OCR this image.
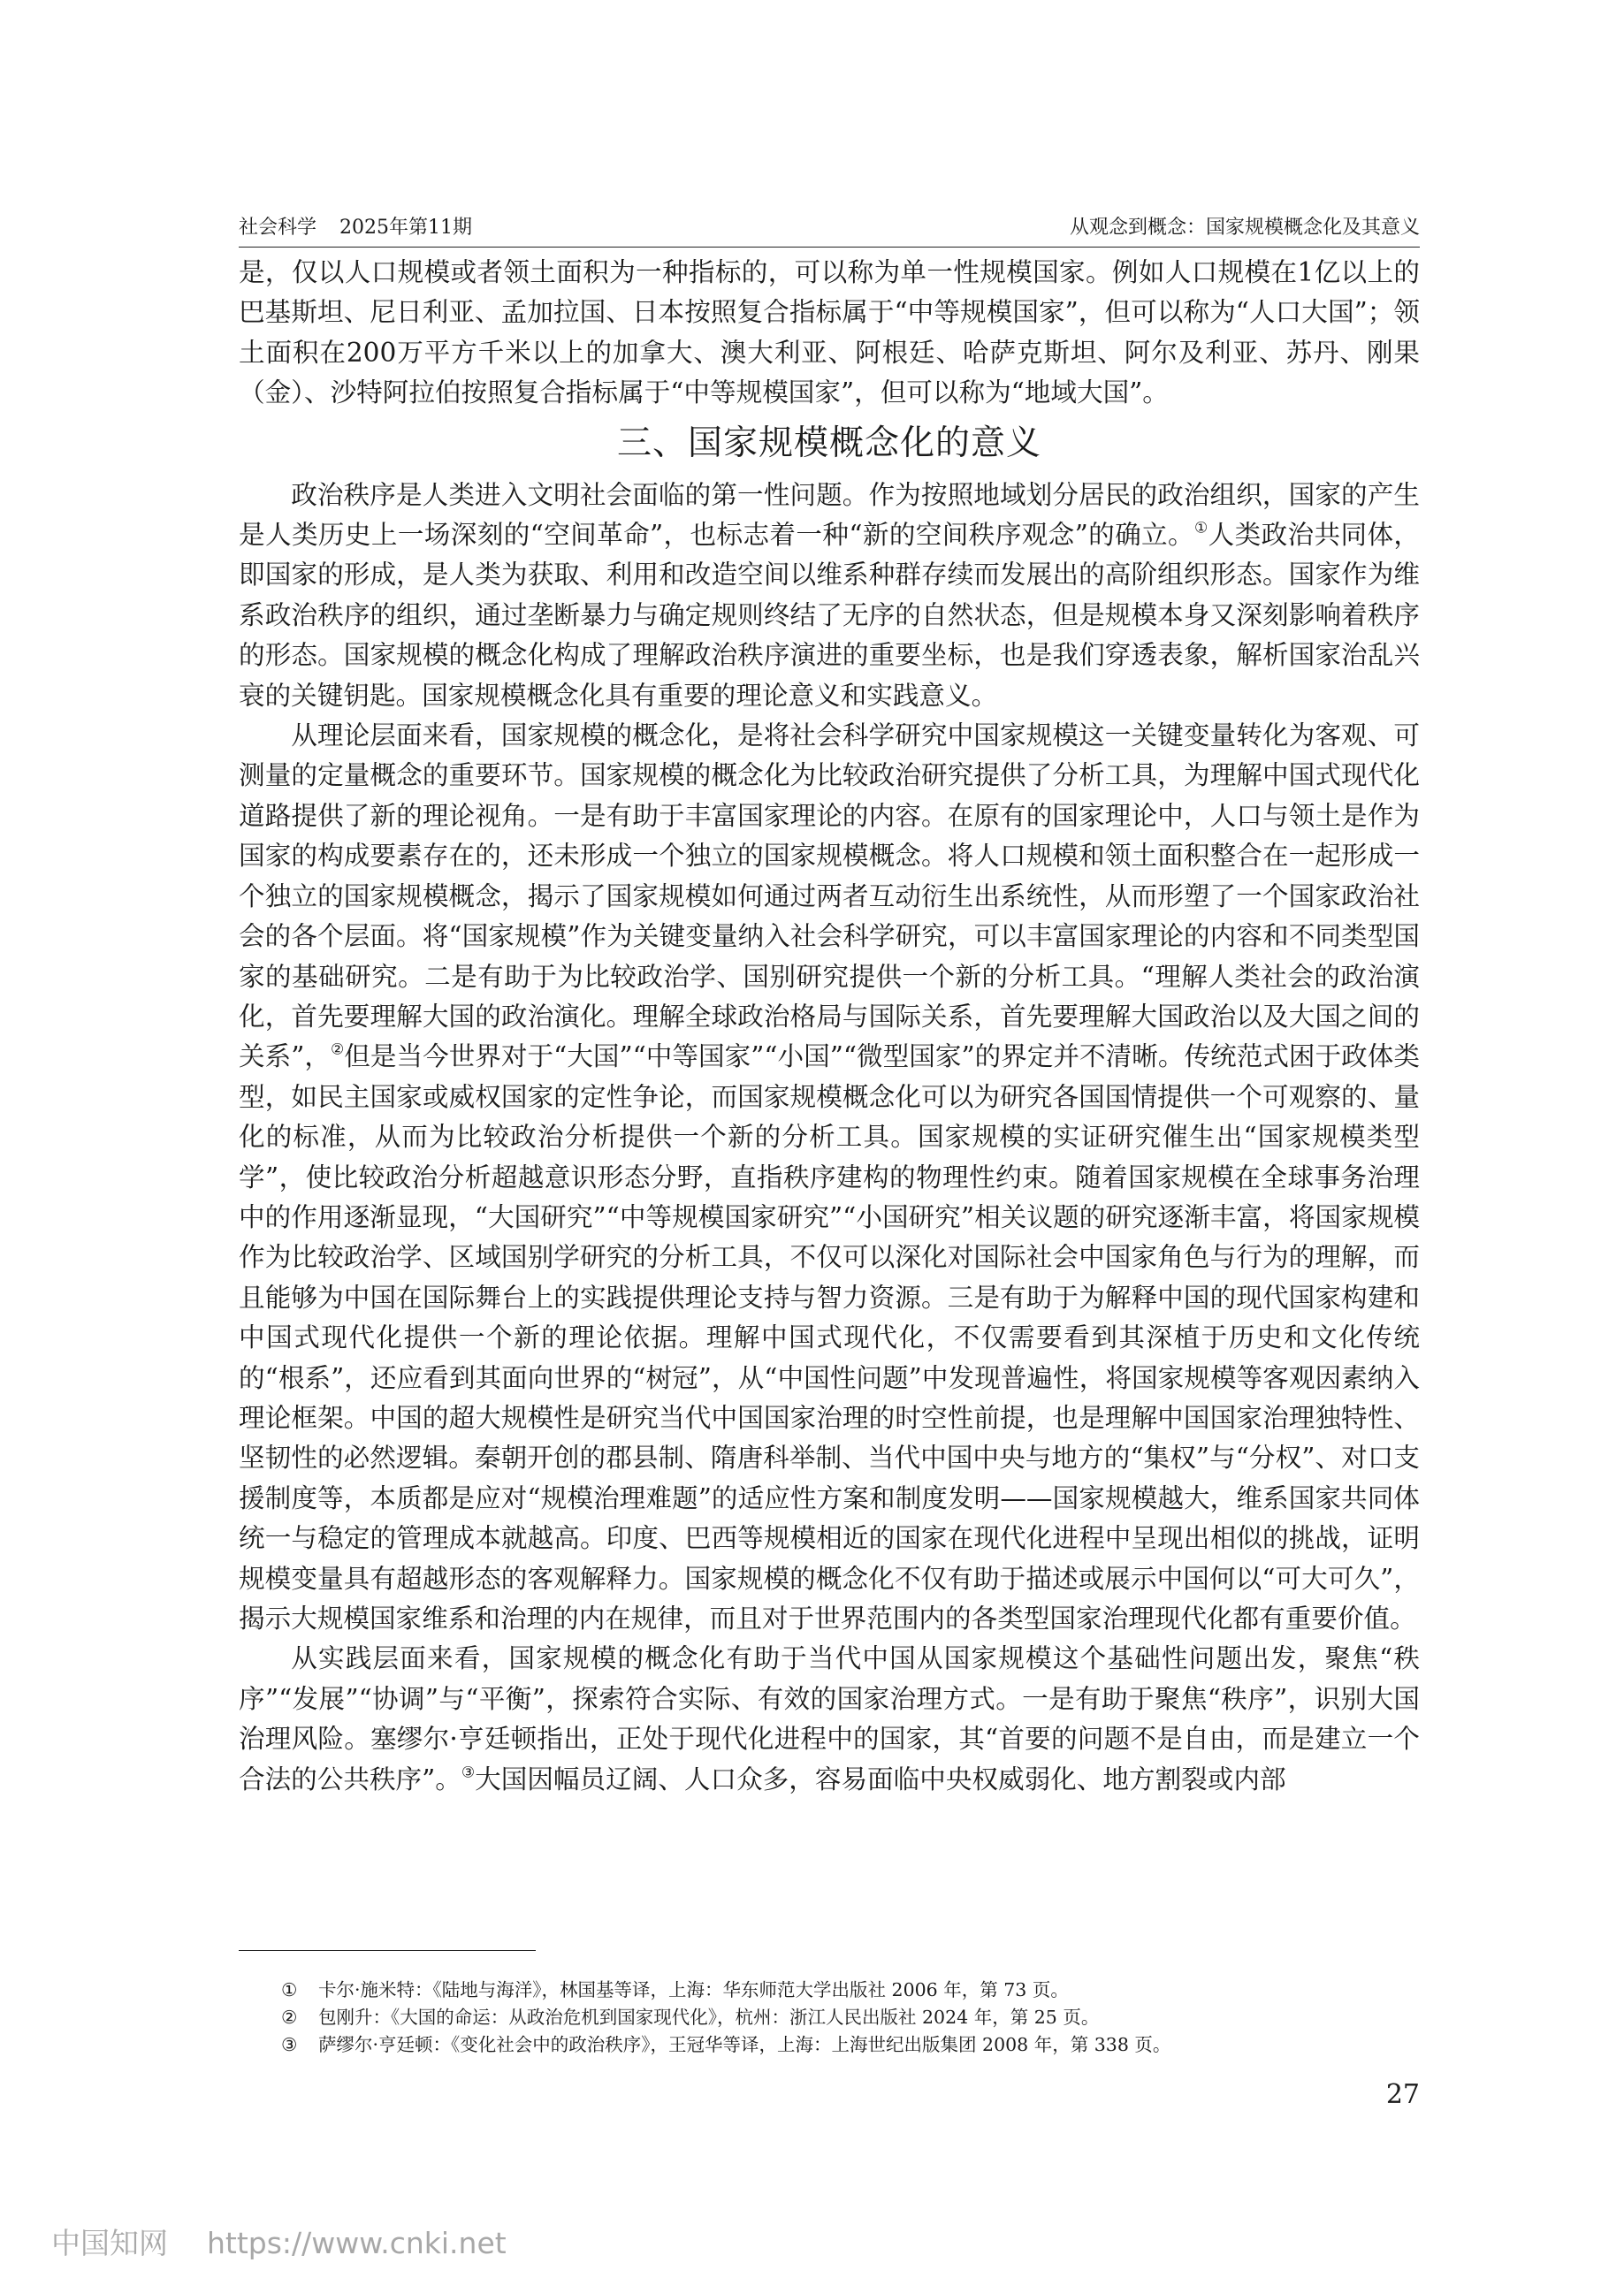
社会科学 2025年第11期	从观念到概念：国家规模概念化及其意义

是，仅以人口规模或者领土面积为一种指标的，可以称为单一性规模国家。例如人口规模在1亿以上的巴基斯坦、尼日利亚、孟加拉国、日本按照复合指标属于“中等规模国家”，但可以称为“人口大国”；领土面积在200万平方千米以上的加拿大、澳大利亚、阿根廷、哈萨克斯坦、阿尔及利亚、苏丹、刚果（金）、沙特阿拉伯按照复合指标属于“中等规模国家”，但可以称为“地域大国”。

三、国家规模概念化的意义

政治秩序是人类进入文明社会面临的第一性问题。作为按照地域划分居民的政治组织，国家的产生是人类历史上一场深刻的“空间革命”，也标志着一种“新的空间秩序观念”的确立。①人类政治共同体，即国家的形成，是人类为获取、利用和改造空间以维系种群存续而发展出的高阶组织形态。国家作为维系政治秩序的组织，通过垄断暴力与确定规则终结了无序的自然状态，但是规模本身又深刻影响着秩序的形态。国家规模的概念化构成了理解政治秩序演进的重要坐标，也是我们穿透表象，解析国家治乱兴衰的关键钥匙。国家规模概念化具有重要的理论意义和实践意义。

从理论层面来看，国家规模的概念化，是将社会科学研究中国家规模这一关键变量转化为客观、可测量的定量概念的重要环节。国家规模的概念化为比较政治研究提供了分析工具，为理解中国式现代化道路提供了新的理论视角。一是有助于丰富国家理论的内容。在原有的国家理论中，人口与领土是作为国家的构成要素存在的，还未形成一个独立的国家规模概念。将人口规模和领土面积整合在一起形成一个独立的国家规模概念，揭示了国家规模如何通过两者互动衍生出系统性，从而形塑了一个国家政治社会的各个层面。将“国家规模”作为关键变量纳入社会科学研究，可以丰富国家理论的内容和不同类型国家的基础研究。二是有助于为比较政治学、国别研究提供一个新的分析工具。“理解人类社会的政治演化，首先要理解大国的政治演化。理解全球政治格局与国际关系，首先要理解大国政治以及大国之间的关系”，②但是当今世界对于“大国”“中等国家”“小国”“微型国家”的界定并不清晰。传统范式困于政体类型，如民主国家或威权国家的定性争论，而国家规模概念化可以为研究各国国情提供一个可观察的、量化的标准，从而为比较政治分析提供一个新的分析工具。国家规模的实证研究催生出“国家规模类型学”，使比较政治分析超越意识形态分野，直指秩序建构的物理性约束。随着国家规模在全球事务治理中的作用逐渐显现，“大国研究”“中等规模国家研究”“小国研究”相关议题的研究逐渐丰富，将国家规模作为比较政治学、区域国别学研究的分析工具，不仅可以深化对国际社会中国家角色与行为的理解，而且能够为中国在国际舞台上的实践提供理论支持与智力资源。三是有助于为解释中国的现代国家构建和中国式现代化提供一个新的理论依据。理解中国式现代化，不仅需要看到其深植于历史和文化传统的“根系”，还应看到其面向世界的“树冠”，从“中国性问题”中发现普遍性，将国家规模等客观因素纳入理论框架。中国的超大规模性是研究当代中国国家治理的时空性前提，也是理解中国国家治理独特性、坚韧性的必然逻辑。秦朝开创的郡县制、隋唐科举制、当代中国中央与地方的“集权”与“分权”、对口支援制度等，本质都是应对“规模治理难题”的适应性方案和制度发明——国家规模越大，维系国家共同体统一与稳定的管理成本就越高。印度、巴西等规模相近的国家在现代化进程中呈现出相似的挑战，证明规模变量具有超越形态的客观解释力。国家规模的概念化不仅有助于描述或展示中国何以“可大可久”，揭示大规模国家维系和治理的内在规律，而且对于世界范围内的各类型国家治理现代化都有重要价值。

从实践层面来看，国家规模的概念化有助于当代中国从国家规模这个基础性问题出发，聚焦“秩序”“发展”“协调”与“平衡”，探索符合实际、有效的国家治理方式。一是有助于聚焦“秩序”，识别大国治理风险。塞缪尔·亨廷顿指出，正处于现代化进程中的国家，其“首要的问题不是自由，而是建立一个合法的公共秩序”。③大国因幅员辽阔、人口众多，容易面临中央权威弱化、地方割裂或内部

①	卡尔·施米特：《陆地与海洋》，林国基等译，上海：华东师范大学出版社 2006 年，第 73 页。
②	包刚升：《大国的命运：从政治危机到国家现代化》，杭州：浙江人民出版社 2024 年，第 25 页。
③	萨缪尔·亨廷顿：《变化社会中的政治秩序》，王冠华等译，上海：上海世纪出版集团 2008 年，第 338 页。
27
中国知网 https://www.cnki.net
